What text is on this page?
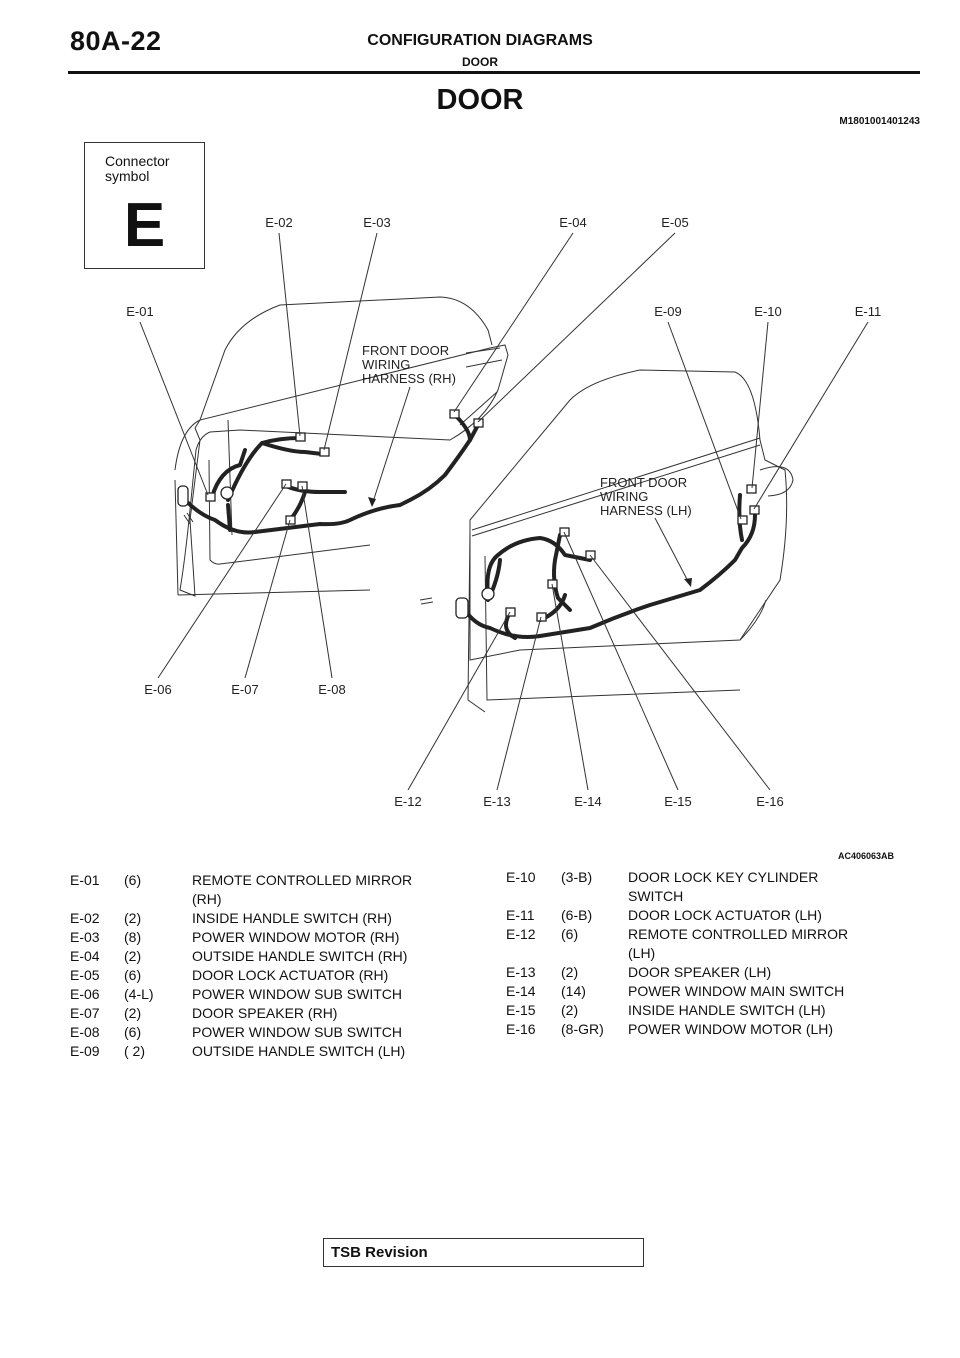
80A-22	CONFIGURATION DIAGRAMS
DOOR
DOOR
M1801001401243
Connector
symbol
E
E-01
E-02	E-03	E-04	E-05
E-06	E-07	E-08
E-09	E-10	E-11
E-12	E-13	E-14	E-15	E-16
FRONT DOOR
WIRING
HARNESS (RH)
FRONT DOOR
WIRING
HARNESS (LH)
AC406063AB
E-01 (6)	REMOTE CONTROLLED MIRROR
(RH)
E-02 (2)	INSIDE HANDLE SWITCH (RH)
E-03 (8)	POWER WINDOW MOTOR (RH)
E-04 (2)	OUTSIDE HANDLE SWITCH (RH)
E-05 (6)	DOOR LOCK ACTUATOR (RH)
E-06 (4-L)	POWER WINDOW SUB SWITCH
E-07 (2)	DOOR SPEAKER (RH)
E-08 (6)	POWER WINDOW SUB SWITCH
E-09 ( 2)	OUTSIDE HANDLE SWITCH (LH)
E-10 (3-B)	DOOR LOCK KEY CYLINDER
SWITCH
E-11 (6-B)	DOOR LOCK ACTUATOR (LH)
E-12 (6)	REMOTE CONTROLLED MIRROR
(LH)
E-13 (2)	DOOR SPEAKER (LH)
E-14 (14)	POWER WINDOW MAIN SWITCH
E-15 (2)	INSIDE HANDLE SWITCH (LH)
E-16 (8-GR) POWER WINDOW MOTOR (LH)
TSB Revision
